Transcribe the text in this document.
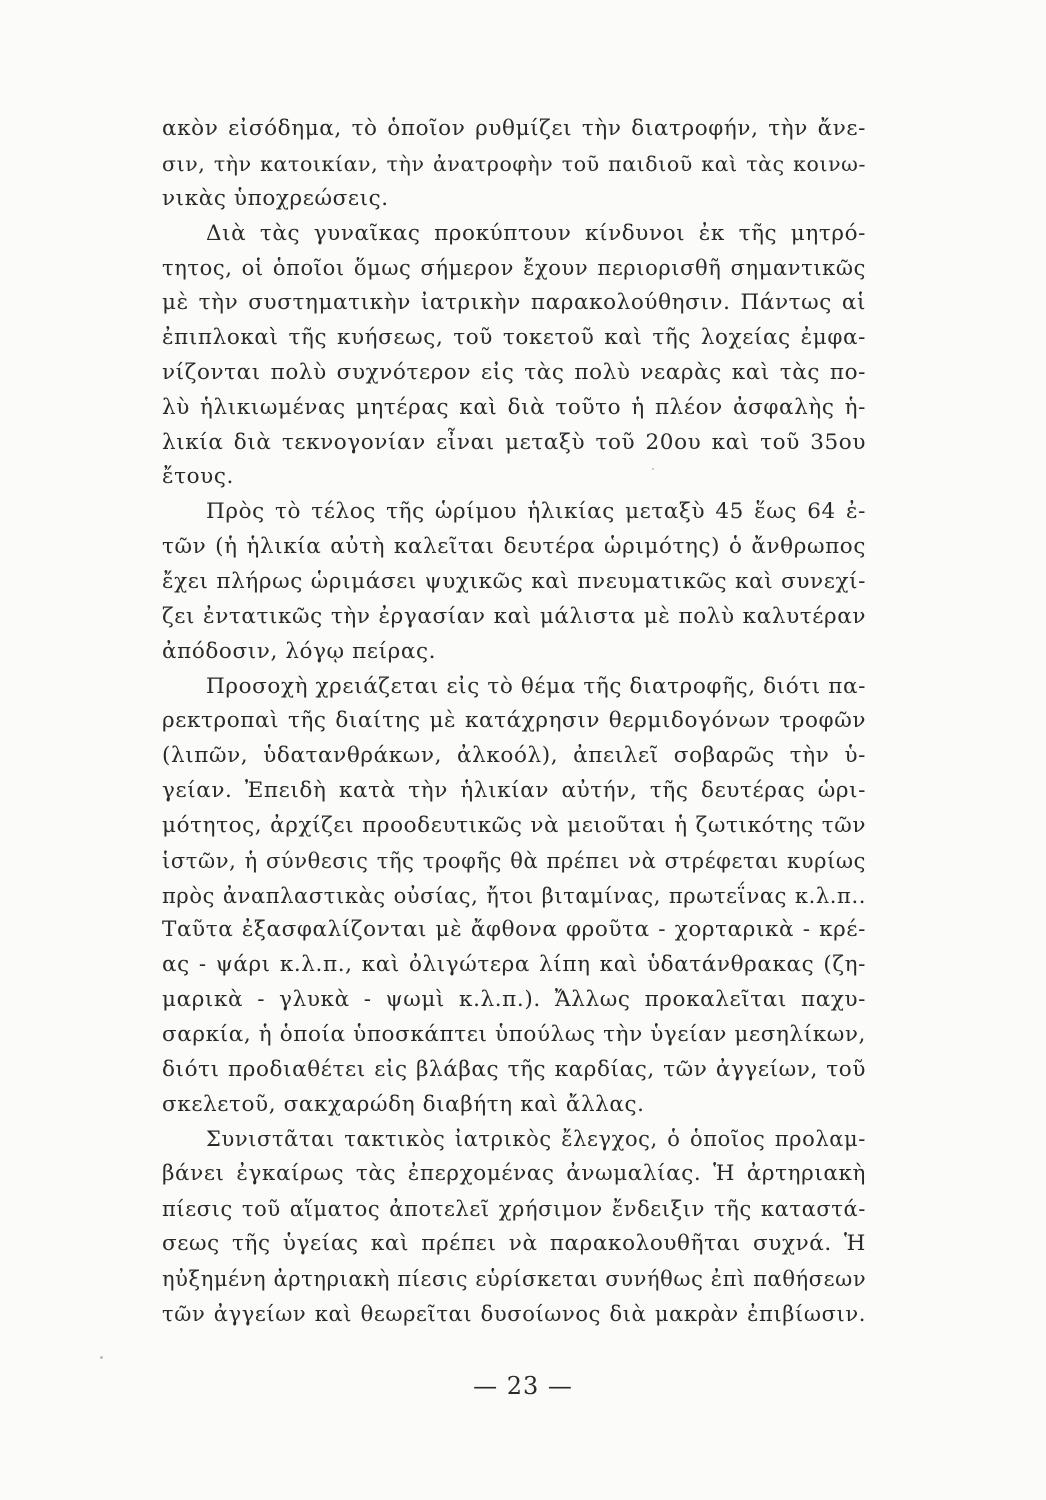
ακὸν εἰσόδημα, τὸ ὁποῖον ρυθμίζει τὴν διατροφήν, τὴν ἄνε-
σιν, τὴν κατοικίαν, τὴν ἀνατροφὴν τοῦ παιδιοῦ καὶ τὰς κοινω-
νικὰς ὑποχρεώσεις.
Διὰ τὰς γυναῖκας προκύπτουν κίνδυνοι ἐκ τῆς μητρό-
τητος, οἱ ὁποῖοι ὅμως σήμερον ἔχουν περιορισθῆ σημαντικῶς
μὲ τὴν συστηματικὴν ἰατρικὴν παρακολούθησιν. Πάντως αἱ
ἐπιπλοκαὶ τῆς κυήσεως, τοῦ τοκετοῦ καὶ τῆς λοχείας ἐμφα-
νίζονται πολὺ συχνότερον εἰς τὰς πολὺ νεαρὰς καὶ τὰς πο-
λὺ ἡλικιωμένας μητέρας καὶ διὰ τοῦτο ἡ πλέον ἀσφαλὴς ἡ-
λικία διὰ τεκνογονίαν εἶναι μεταξὺ τοῦ 20ου καὶ τοῦ 35ου
ἔτους.
Πρὸς τὸ τέλος τῆς ὡρίμου ἡλικίας μεταξὺ 45 ἕως 64 ἐ-
τῶν (ἡ ἡλικία αὐτὴ καλεῖται δευτέρα ὡριμότης) ὁ ἄνθρωπος
ἔχει πλήρως ὡριμάσει ψυχικῶς καὶ πνευματικῶς καὶ συνεχί-
ζει ἐντατικῶς τὴν ἐργασίαν καὶ μάλιστα μὲ πολὺ καλυτέραν
ἀπόδοσιν, λόγῳ πείρας.
Προσοχὴ χρειάζεται εἰς τὸ θέμα τῆς διατροφῆς, διότι πα-
ρεκτροπαὶ τῆς διαίτης μὲ κατάχρησιν θερμιδογόνων τροφῶν
(λιπῶν, ὑδατανθράκων, ἀλκοόλ), ἀπειλεῖ σοβαρῶς τὴν ὑ-
γείαν. Ἐπειδὴ κατὰ τὴν ἡλικίαν αὐτήν, τῆς δευτέρας ὡρι-
μότητος, ἀρχίζει προοδευτικῶς νὰ μειοῦται ἡ ζωτικότης τῶν
ἱστῶν, ἡ σύνθεσις τῆς τροφῆς θὰ πρέπει νὰ στρέφεται κυρίως
πρὸς ἀναπλαστικὰς οὐσίας, ἤτοι βιταμίνας, πρωτεΐνας κ.λ.π..
Ταῦτα ἐξασφαλίζονται μὲ ἄφθονα φροῦτα - χορταρικὰ - κρέ-
ας - ψάρι κ.λ.π., καὶ ὀλιγώτερα λίπη καὶ ὑδατάνθρακας (ζη-
μαρικὰ - γλυκὰ - ψωμὶ κ.λ.π.). Ἄλλως προκαλεῖται παχυ-
σαρκία, ἡ ὁποία ὑποσκάπτει ὑπούλως τὴν ὑγείαν μεσηλίκων,
διότι προδιαθέτει εἰς βλάβας τῆς καρδίας, τῶν ἀγγείων, τοῦ
σκελετοῦ, σακχαρώδη διαβήτη καὶ ἄλλας.
Συνιστᾶται τακτικὸς ἰατρικὸς ἔλεγχος, ὁ ὁποῖος προλαμ-
βάνει ἐγκαίρως τὰς ἐπερχομένας ἀνωμαλίας. Ἡ ἀρτηριακὴ
πίεσις τοῦ αἵματος ἀποτελεῖ χρήσιμον ἔνδειξιν τῆς καταστά-
σεως τῆς ὑγείας καὶ πρέπει νὰ παρακολουθῆται συχνά. Ἡ
ηὐξημένη ἀρτηριακὴ πίεσις εὑρίσκεται συνήθως ἐπὶ παθήσεων
τῶν ἀγγείων καὶ θεωρεῖται δυσοίωνος διὰ μακρὰν ἐπιβίωσιν.
— 23 —
